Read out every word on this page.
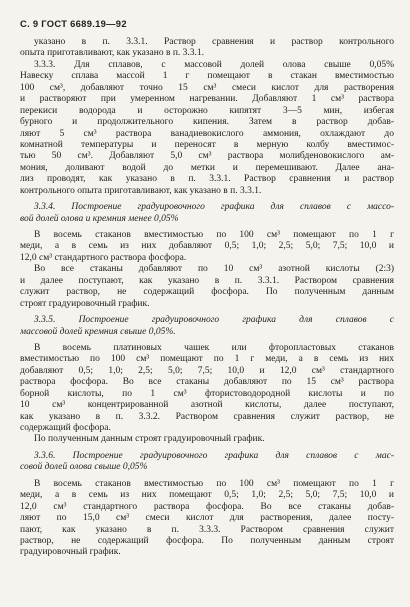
С. 9 ГОСТ 6689.19—92
указано в п. 3.3.1. Раствор сравнения и раствор контрольного
опыта приготавливают, как указано в п. 3.3.1.
3.3.3. Для сплавов, с массовой долей олова свыше 0,05%
Навеску сплава массой 1 г помещают в стакан вместимостью
100 см³, добавляют точно 15 см³ смеси кислот для растворения
и растворяют при умеренном нагревании. Добавляют 1 см³ раствора
перекиси водорода и осторожно кипятят 3—5 мин, избегая
бурного и продолжительного кипения. Затем в раствор добав-
ляют 5 см³ раствора ванадиевокислого аммония, охлаждают до
комнатной температуры и переносят в мерную колбу вместимос-
тью 50 см³. Добавляют 5,0 см³ раствора молибденовокислого ам-
мония, доливают водой до метки и перемешивают. Далее ана-
лиз проводят, как указано в п. 3.3.1. Раствор сравнения и раствор
контрольного опыта приготавливают, как указано в п. 3.3.1.
3.3.4. Построение градуировочного графика для сплавов с массо-
вой долей олова и кремния менее 0,05%
В восемь стаканов вместимостью по 100 см³ помещают по 1 г
меди, а в семь из них добавляют 0,5; 1,0; 2,5; 5,0; 7,5; 10,0 и
12,0 см³ стандартного раствора фосфора.
Во все стаканы добавляют по 10 см³ азотной кислоты (2:3)
и далее поступают, как указано в п. 3.3.1. Раствором сравнения
служит раствор, не содержащий фосфора. По полученным данным
строят градуировочный график.
3.3.5. Построение градуировочного графика для сплавов с
массовой долей кремния свыше 0,05%.
В восемь платиновых чашек или фторопластовых стаканов
вместимостью по 100 см³ помещают по 1 г меди, а в семь из них
добавляют 0,5; 1,0; 2,5; 5,0; 7,5; 10,0 и 12,0 см³ стандартного
раствора фосфора. Во все стаканы добавляют по 15 см³ раствора
борной кислоты, по 1 см³ фтористоводородной кислоты и по
10 см³ концентрированной азотной кислоты, далее поступают,
как указано в п. 3.3.2. Раствором сравнения служит раствор, не
содержащий фосфора.
По полученным данным строят градуировочный график.
3.3.6. Построение градуировочного графика для сплавов с мас-
совой долей олова свыше 0,05%
В восемь стаканов вместимостью по 100 см³ помещают по 1 г
меди, а в семь из них помещают 0,5; 1,0; 2,5; 5,0; 7,5; 10,0 и
12,0 см³ стандартного раствора фосфора. Во все стаканы добав-
ляют по 15,0 см³ смеси кислот для растворения, далее посту-
пают, как указано в п. 3.3.3. Раствором сравнения служит
раствор, не содержащий фосфора. По полученным данным строят
градуировочный график.
